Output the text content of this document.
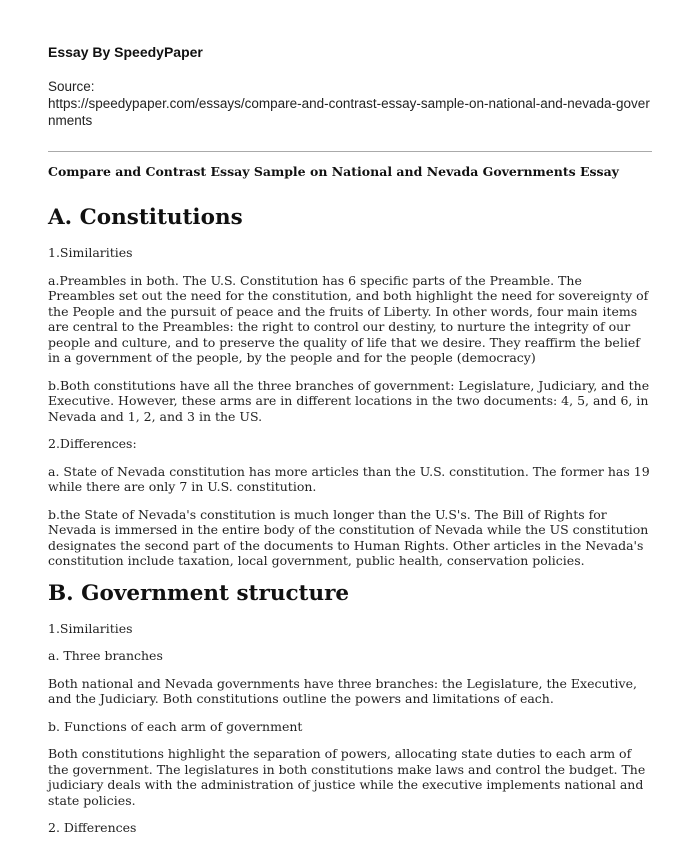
Essay By SpeedyPaper
Source:
https://speedypaper.com/essays/compare-and-contrast-essay-sample-on-national-and-nevada-governments
Compare and Contrast Essay Sample on National and Nevada Governments Essay
A. Constitutions

1.Similarities

a.Preambles in both. The U.S. Constitution has 6 specific parts of the Preamble. The Preambles set out the need for the constitution, and both highlight the need for sovereignty of the People and the pursuit of peace and the fruits of Liberty. In other words, four main items are central to the Preambles: the right to control our destiny, to nurture the integrity of our people and culture, and to preserve the quality of life that we desire. They reaffirm the belief in a government of the people, by the people and for the people (democracy)

b.Both constitutions have all the three branches of government: Legislature, Judiciary, and the Executive. However, these arms are in different locations in the two documents: 4, 5, and 6, in Nevada and 1, 2, and 3 in the US.

2.Differences:

a. State of Nevada constitution has more articles than the U.S. constitution. The former has 19 while there are only 7 in U.S. constitution.

b.the State of Nevada's constitution is much longer than the U.S's. The Bill of Rights for Nevada is immersed in the entire body of the constitution of Nevada while the US constitution designates the second part of the documents to Human Rights. Other articles in the Nevada's constitution include taxation, local government, public health, conservation policies.

B. Government structure

1.Similarities

a. Three branches

Both national and Nevada governments have three branches: the Legislature, the Executive, and the Judiciary. Both constitutions outline the powers and limitations of each.

b. Functions of each arm of government

Both constitutions highlight the separation of powers, allocating state duties to each arm of the government. The legislatures in both constitutions make laws and control the budget. The judiciary deals with the administration of justice while the executive implements national and state policies.

2. Differences
